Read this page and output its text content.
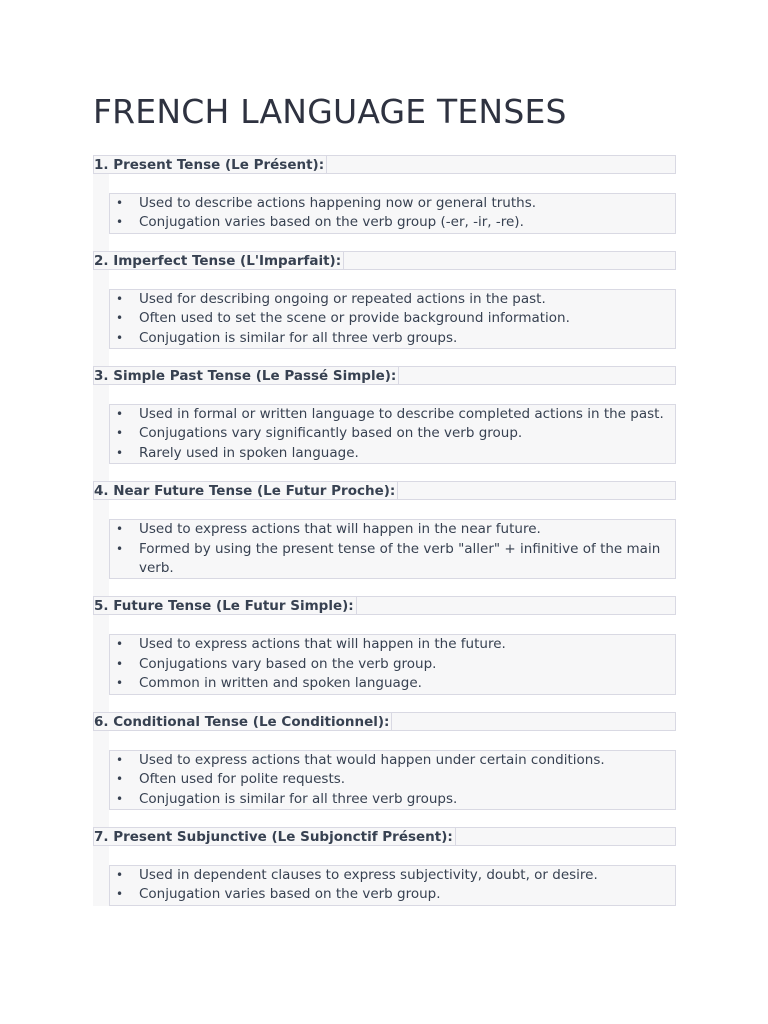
FRENCH LANGUAGE TENSES
1. Present Tense (Le Présent):
• Used to describe actions happening now or general truths.
• Conjugation varies based on the verb group (-er, -ir, -re).
2. Imperfect Tense (L'Imparfait):
• Used for describing ongoing or repeated actions in the past.
• Often used to set the scene or provide background information.
• Conjugation is similar for all three verb groups.
3. Simple Past Tense (Le Passé Simple):
• Used in formal or written language to describe completed actions in the past.
• Conjugations vary significantly based on the verb group.
• Rarely used in spoken language.
4. Near Future Tense (Le Futur Proche):
• Used to express actions that will happen in the near future.
• Formed by using the present tense of the verb "aller" + infinitive of the main verb.
5. Future Tense (Le Futur Simple):
• Used to express actions that will happen in the future.
• Conjugations vary based on the verb group.
• Common in written and spoken language.
6. Conditional Tense (Le Conditionnel):
• Used to express actions that would happen under certain conditions.
• Often used for polite requests.
• Conjugation is similar for all three verb groups.
7. Present Subjunctive (Le Subjonctif Présent):
• Used in dependent clauses to express subjectivity, doubt, or desire.
• Conjugation varies based on the verb group.
